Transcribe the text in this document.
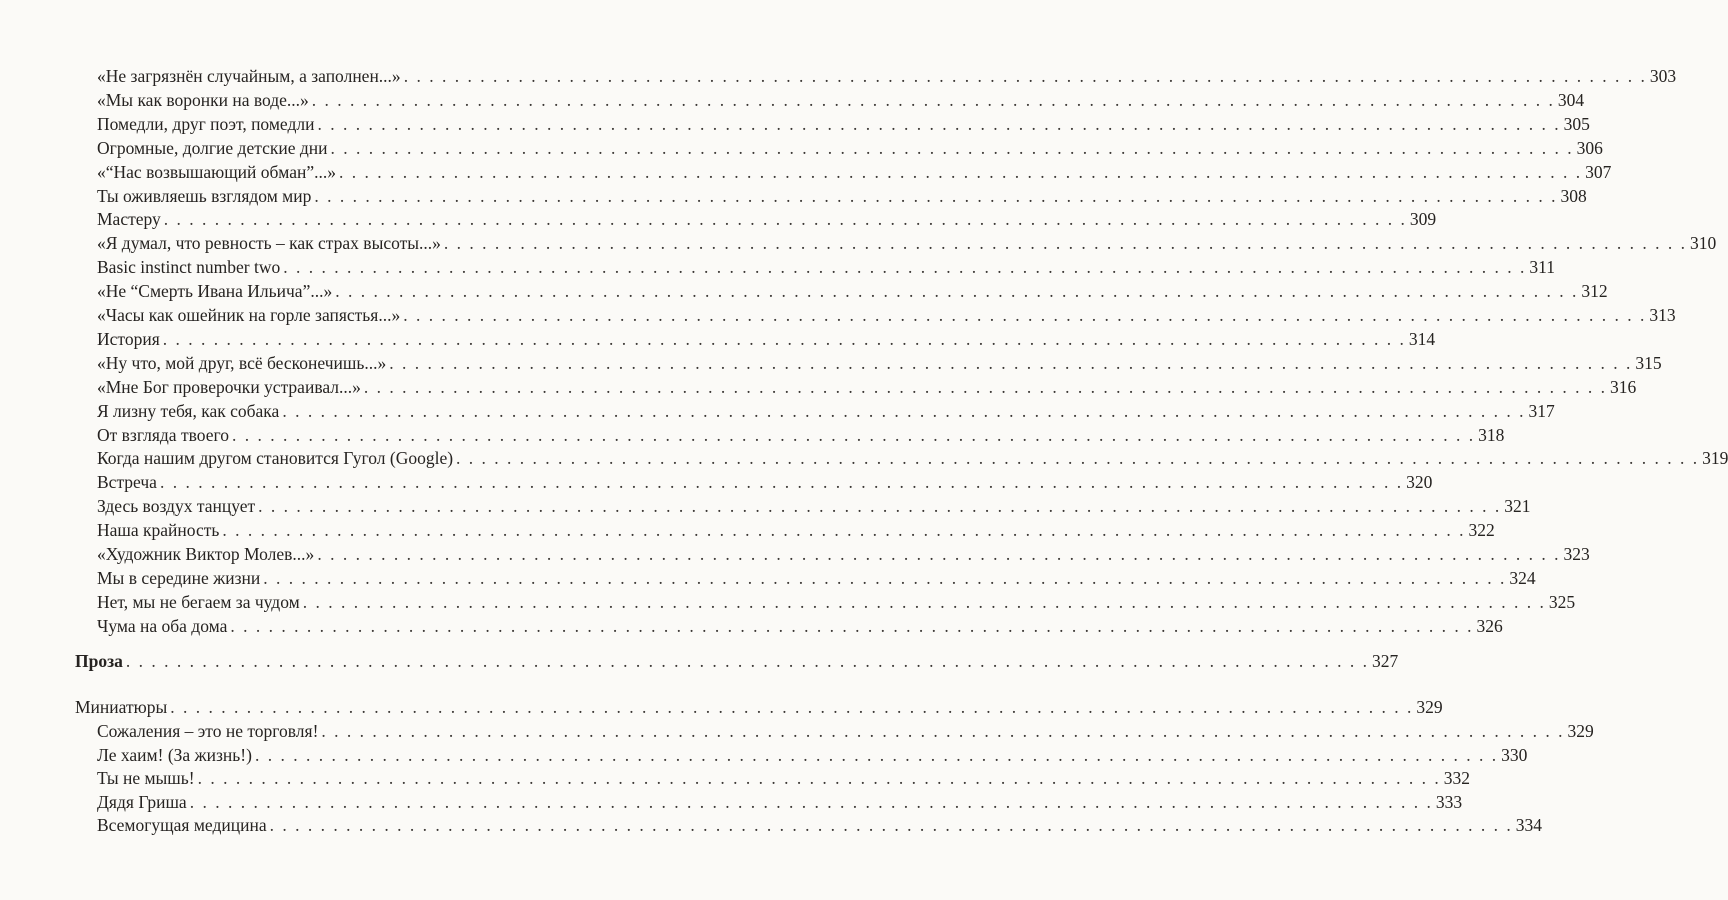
«Не загрязнён случайным, а заполнен...» . . . . . . . . . . . . . . . . . . . . . . . . . . . . . . . . . . . . . . . . . . . . . . . . . . . . . . . . . . . . . . . . . . . . . . . . . . . . . . . . . . . . . . . . . . . . . . . . . . 303
«Мы как воронки на воде...» . . . . . . . . . . . . . . . . . . . . . . . . . . . . . . . . . . . . . . . . . . . . . . . . . . . . . . . . . . . . . . . . . . . . . . . . . . . . . . . . . . . . . . . . . . . . . . . . . . 304
Помедли, друг поэт, помедли . . . . . . . . . . . . . . . . . . . . . . . . . . . . . . . . . . . . . . . . . . . . . . . . . . . . . . . . . . . . . . . . . . . . . . . . . . . . . . . . . . . . . . . . . . . . . . . . . . 305
Огромные, долгие детские дни . . . . . . . . . . . . . . . . . . . . . . . . . . . . . . . . . . . . . . . . . . . . . . . . . . . . . . . . . . . . . . . . . . . . . . . . . . . . . . . . . . . . . . . . . . . . . . . . . . 306
«“Нас возвышающий обман”...» . . . . . . . . . . . . . . . . . . . . . . . . . . . . . . . . . . . . . . . . . . . . . . . . . . . . . . . . . . . . . . . . . . . . . . . . . . . . . . . . . . . . . . . . . . . . . . . . . . 307
Ты оживляешь взглядом мир . . . . . . . . . . . . . . . . . . . . . . . . . . . . . . . . . . . . . . . . . . . . . . . . . . . . . . . . . . . . . . . . . . . . . . . . . . . . . . . . . . . . . . . . . . . . . . . . . . 308
Мастеру . . . . . . . . . . . . . . . . . . . . . . . . . . . . . . . . . . . . . . . . . . . . . . . . . . . . . . . . . . . . . . . . . . . . . . . . . . . . . . . . . . . . . . . . . . . . . . . . . . 309
«Я думал, что ревность – как страх высоты...» . . . . . . . . . . . . . . . . . . . . . . . . . . . . . . . . . . . . . . . . . . . . . . . . . . . . . . . . . . . . . . . . . . . . . . . . . . . . . . . . . . . . . . . . . . . . . . . . . . 310
Basic instinct number two . . . . . . . . . . . . . . . . . . . . . . . . . . . . . . . . . . . . . . . . . . . . . . . . . . . . . . . . . . . . . . . . . . . . . . . . . . . . . . . . . . . . . . . . . . . . . . . . . . 311
«Не “Смерть Ивана Ильича”...» . . . . . . . . . . . . . . . . . . . . . . . . . . . . . . . . . . . . . . . . . . . . . . . . . . . . . . . . . . . . . . . . . . . . . . . . . . . . . . . . . . . . . . . . . . . . . . . . . . 312
«Часы как ошейник на горле запястья...» . . . . . . . . . . . . . . . . . . . . . . . . . . . . . . . . . . . . . . . . . . . . . . . . . . . . . . . . . . . . . . . . . . . . . . . . . . . . . . . . . . . . . . . . . . . . . . . . . . 313
История . . . . . . . . . . . . . . . . . . . . . . . . . . . . . . . . . . . . . . . . . . . . . . . . . . . . . . . . . . . . . . . . . . . . . . . . . . . . . . . . . . . . . . . . . . . . . . . . . . 314
«Ну что, мой друг, всё бесконечишь...» . . . . . . . . . . . . . . . . . . . . . . . . . . . . . . . . . . . . . . . . . . . . . . . . . . . . . . . . . . . . . . . . . . . . . . . . . . . . . . . . . . . . . . . . . . . . . . . . . . 315
«Мне Бог проверочки устраивал...» . . . . . . . . . . . . . . . . . . . . . . . . . . . . . . . . . . . . . . . . . . . . . . . . . . . . . . . . . . . . . . . . . . . . . . . . . . . . . . . . . . . . . . . . . . . . . . . . . . 316
Я лизну тебя, как собака . . . . . . . . . . . . . . . . . . . . . . . . . . . . . . . . . . . . . . . . . . . . . . . . . . . . . . . . . . . . . . . . . . . . . . . . . . . . . . . . . . . . . . . . . . . . . . . . . . 317
От взгляда твоего . . . . . . . . . . . . . . . . . . . . . . . . . . . . . . . . . . . . . . . . . . . . . . . . . . . . . . . . . . . . . . . . . . . . . . . . . . . . . . . . . . . . . . . . . . . . . . . . . . 318
Когда нашим другом становится Гугол (Google) . . . . . . . . . . . . . . . . . . . . . . . . . . . . . . . . . . . . . . . . . . . . . . . . . . . . . . . . . . . . . . . . . . . . . . . . . . . . . . . . . . . . . . . . . . . . . . . . . . 319
Встреча . . . . . . . . . . . . . . . . . . . . . . . . . . . . . . . . . . . . . . . . . . . . . . . . . . . . . . . . . . . . . . . . . . . . . . . . . . . . . . . . . . . . . . . . . . . . . . . . . . 320
Здесь воздух танцует . . . . . . . . . . . . . . . . . . . . . . . . . . . . . . . . . . . . . . . . . . . . . . . . . . . . . . . . . . . . . . . . . . . . . . . . . . . . . . . . . . . . . . . . . . . . . . . . . . 321
Наша крайность . . . . . . . . . . . . . . . . . . . . . . . . . . . . . . . . . . . . . . . . . . . . . . . . . . . . . . . . . . . . . . . . . . . . . . . . . . . . . . . . . . . . . . . . . . . . . . . . . . 322
«Художник Виктор Молев...» . . . . . . . . . . . . . . . . . . . . . . . . . . . . . . . . . . . . . . . . . . . . . . . . . . . . . . . . . . . . . . . . . . . . . . . . . . . . . . . . . . . . . . . . . . . . . . . . . . 323
Мы в середине жизни . . . . . . . . . . . . . . . . . . . . . . . . . . . . . . . . . . . . . . . . . . . . . . . . . . . . . . . . . . . . . . . . . . . . . . . . . . . . . . . . . . . . . . . . . . . . . . . . . . 324
Нет, мы не бегаем за чудом . . . . . . . . . . . . . . . . . . . . . . . . . . . . . . . . . . . . . . . . . . . . . . . . . . . . . . . . . . . . . . . . . . . . . . . . . . . . . . . . . . . . . . . . . . . . . . . . . . 325
Чума на оба дома . . . . . . . . . . . . . . . . . . . . . . . . . . . . . . . . . . . . . . . . . . . . . . . . . . . . . . . . . . . . . . . . . . . . . . . . . . . . . . . . . . . . . . . . . . . . . . . . . . 326
Проза . . . . . . . . . . . . . . . . . . . . . . . . . . . . . . . . . . . . . . . . . . . . . . . . . . . . . . . . . . . . . . . . . . . . . . . . . . . . . . . . . . . . . . . . . . . . . . . . . . 327
Миниатюры . . . . . . . . . . . . . . . . . . . . . . . . . . . . . . . . . . . . . . . . . . . . . . . . . . . . . . . . . . . . . . . . . . . . . . . . . . . . . . . . . . . . . . . . . . . . . . . . . . 329
Сожаления – это не торговля! . . . . . . . . . . . . . . . . . . . . . . . . . . . . . . . . . . . . . . . . . . . . . . . . . . . . . . . . . . . . . . . . . . . . . . . . . . . . . . . . . . . . . . . . . . . . . . . . . . 329
Ле хаим! (За жизнь!) . . . . . . . . . . . . . . . . . . . . . . . . . . . . . . . . . . . . . . . . . . . . . . . . . . . . . . . . . . . . . . . . . . . . . . . . . . . . . . . . . . . . . . . . . . . . . . . . . . 330
Ты не мышь! . . . . . . . . . . . . . . . . . . . . . . . . . . . . . . . . . . . . . . . . . . . . . . . . . . . . . . . . . . . . . . . . . . . . . . . . . . . . . . . . . . . . . . . . . . . . . . . . . . 332
Дядя Гриша . . . . . . . . . . . . . . . . . . . . . . . . . . . . . . . . . . . . . . . . . . . . . . . . . . . . . . . . . . . . . . . . . . . . . . . . . . . . . . . . . . . . . . . . . . . . . . . . . . 333
Всемогущая медицина . . . . . . . . . . . . . . . . . . . . . . . . . . . . . . . . . . . . . . . . . . . . . . . . . . . . . . . . . . . . . . . . . . . . . . . . . . . . . . . . . . . . . . . . . . . . . . . . . . 334
